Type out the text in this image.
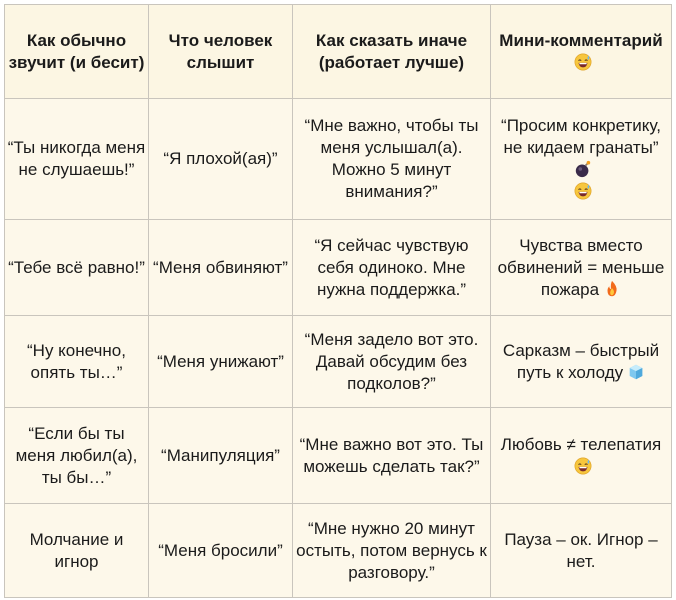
Как обычно звучит (и бесит)	Что человек слышит	Как сказать иначе (работает лучше)	Мини-комментарий
“Ты никогда меня не слушаешь!”	“Я плохой(ая)”	“Мне важно, чтобы ты меня услышал(а). Можно 5 минут внимания?”	“Просим конкретику, не кидаем гранаты”

“Тебе всё равно!”	“Меня обвиняют”	“Я сейчас чувствую себя одиноко. Мне нужна поддержка.”	Чувства вместо обвинений = меньше пожара
“Ну конечно, опять ты…”	“Меня унижают”	“Меня задело вот это. Давай обсудим без подколов?”	Сарказм – быстрый путь к холоду
“Если бы ты меня любил(а), ты бы…”	“Манипуляция”	“Мне важно вот это. Ты можешь сделать так?”	Любовь ≠ телепатия
Молчание и игнор	“Меня бросили”	“Мне нужно 20 минут остыть, потом вернусь к разговору.”	Пауза – ок. Игнор – нет.
